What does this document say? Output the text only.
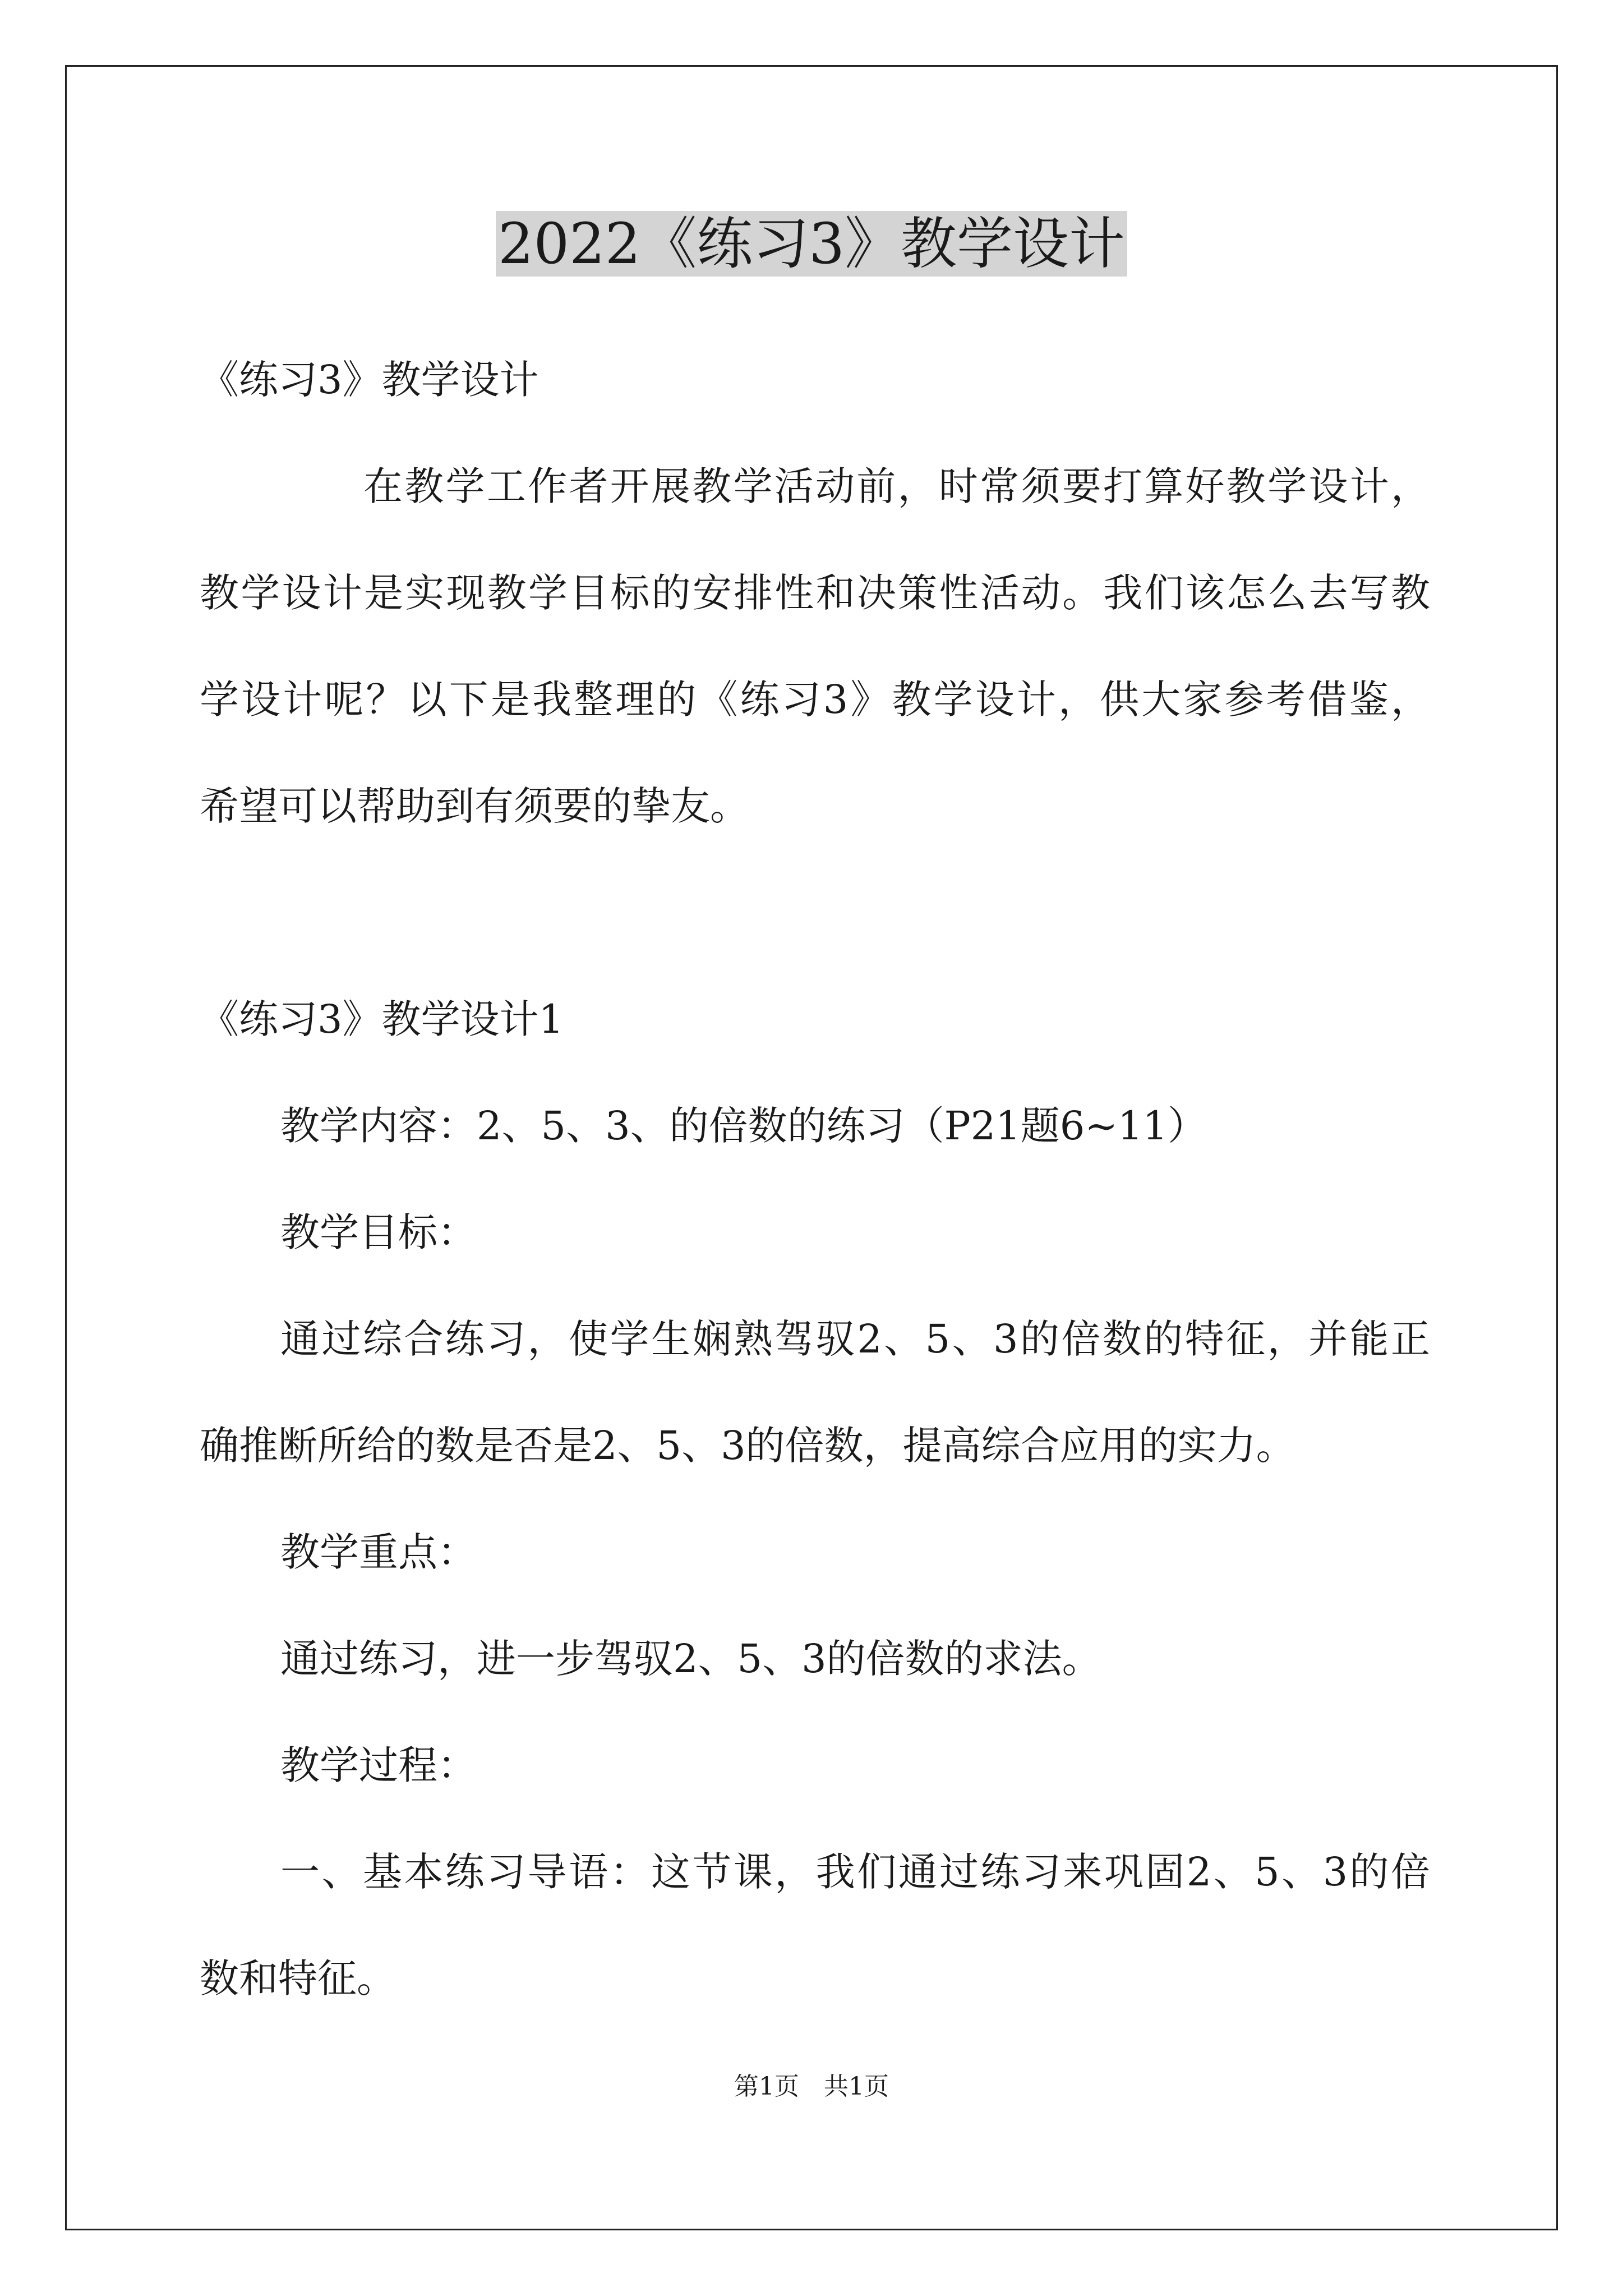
2022《练习3》教学设计
《练习3》教学设计
在教学工作者开展教学活动前，时常须要打算好教学设计，
教学设计是实现教学目标的安排性和决策性活动。我们该怎么去写教
学设计呢？以下是我整理的《练习3》教学设计，供大家参考借鉴，
希望可以帮助到有须要的挚友。
《练习3》教学设计1
教学内容：2、5、3、的倍数的练习（P21题6~11）
教学目标：
通过综合练习，使学生娴熟驾驭2、5、3的倍数的特征，并能正
确推断所给的数是否是2、5、3的倍数，提高综合应用的实力。
教学重点：
通过练习，进一步驾驭2、5、3的倍数的求法。
教学过程：
一、基本练习导语：这节课，我们通过练习来巩固2、5、3的倍
数和特征。
第1页　共1页
